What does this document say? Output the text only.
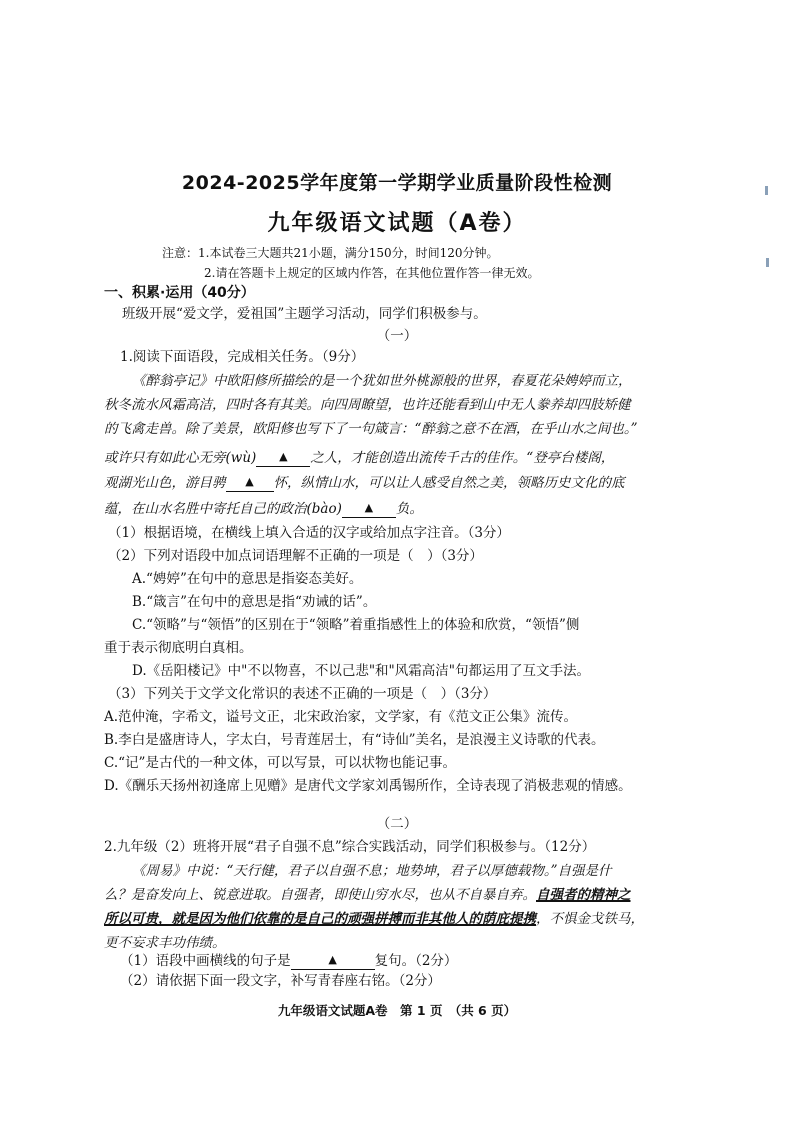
2024-2025学年度第一学期学业质量阶段性检测
九年级语文试题（A卷）
注意：1.本试卷三大题共21小题，满分150分，时间120分钟。
2.请在答题卡上规定的区域内作答，在其他位置作答一律无效。
一、积累·运用（40分）
班级开展“爱文学，爱祖国”主题学习活动，同学们积极参与。
（一）
1.阅读下面语段，完成相关任务。（9分）
《醉翁亭记》中欧阳修所描绘的是一个犹如世外桃源般的世界，春夏花朵娉婷而立，
秋冬流水风霜高洁，四时各有其美。向四周瞭望，也许还能看到山中无人豢养却四肢矫健
的飞禽走兽。除了美景，欧阳修也写下了一句箴言：“醉翁之意不在酒，在乎山水之间也。”
或许只有如此心无旁(wù) ▲ 之人，才能创造出流传千古的佳作。“登亭台楼阁，
观湖光山色，游目骋 ▲ 怀，纵情山水，可以让人感受自然之美，领略历史文化的底
蕴，在山水名胜中寄托自己的政治(bào) ▲ 负。
（1）根据语境，在横线上填入合适的汉字或给加点字注音。（3分）
（2）下列对语段中加点词语理解不正确的一项是（　）（3分）
A.“娉婷”在句中的意思是指姿态美好。
B.“箴言”在句中的意思是指“劝诫的话”。
C.“领略”与“领悟”的区别在于“领略”着重指感性上的体验和欣赏，“领悟”侧
重于表示彻底明白真相。
D.《岳阳楼记》中"不以物喜，不以己悲"和"风霜高洁"句都运用了互文手法。
（3）下列关于文学文化常识的表述不正确的一项是（　）（3分）
A.范仲淹，字希文，谥号文正，北宋政治家，文学家，有《范文正公集》流传。
B.李白是盛唐诗人，字太白，号青莲居士，有“诗仙”美名，是浪漫主义诗歌的代表。
C.“记”是古代的一种文体，可以写景，可以状物也能记事。
D.《酬乐天扬州初逢席上见赠》是唐代文学家刘禹锡所作，全诗表现了消极悲观的情感。
（二）
2.九年级（2）班将开展“君子自强不息”综合实践活动，同学们积极参与。（12分）
《周易》中说：“天行健，君子以自强不息；地势坤，君子以厚德载物。”自强是什
么？是奋发向上、锐意进取。自强者，即使山穷水尽，也从不自暴自弃。自强者的精神之
所以可贵，就是因为他们依靠的是自己的顽强拼搏而非其他人的荫庇提携，不惧金戈铁马，
更不妄求丰功伟绩。
（1）语段中画横线的句子是	▲	复句。（2分）
（2）请依据下面一段文字，补写青春座右铭。（2分）
九年级语文试题A卷　第 1 页　（共 6 页）
